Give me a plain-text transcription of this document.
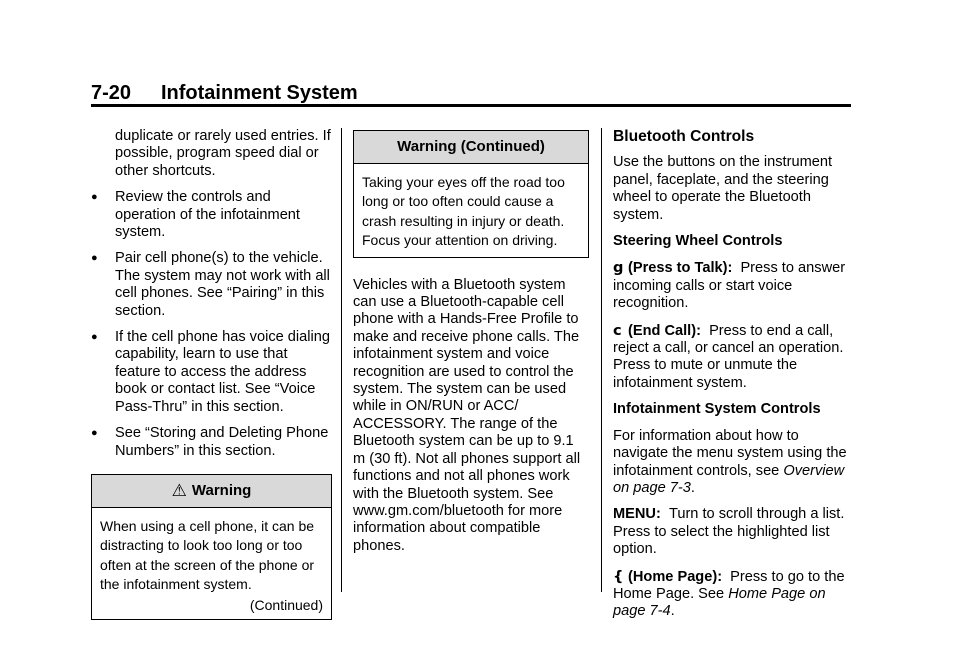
7-20 Infotainment System

duplicate or rarely used entries. If possible, program speed dial or other shortcuts.

● Review the controls and operation of the infotainment system.
● Pair cell phone(s) to the vehicle. The system may not work with all cell phones. See “Pairing” in this section.
● If the cell phone has voice dialing capability, learn to use that feature to access the address book or contact list. See “Voice Pass-Thru” in this section.
● See “Storing and Deleting Phone Numbers” in this section.
⚠ Warning
When using a cell phone, it can be distracting to look too long or too often at the screen of the phone or the infotainment system.
(Continued)
Warning (Continued)
Taking your eyes off the road too long or too often could cause a crash resulting in injury or death. Focus your attention on driving.

Vehicles with a Bluetooth system can use a Bluetooth-capable cell phone with a Hands-Free Profile to make and receive phone calls. The infotainment system and voice recognition are used to control the system. The system can be used while in ON/RUN or ACC/ ACCESSORY. The range of the Bluetooth system can be up to 9.1 m (30 ft). Not all phones support all functions and not all phones work with the Bluetooth system. See www.gm.com/bluetooth for more information about compatible phones.

Bluetooth Controls

Use the buttons on the instrument panel, faceplate, and the steering wheel to operate the Bluetooth system.

Steering Wheel Controls

g (Press to Talk): Press to answer incoming calls or start voice recognition.

c (End Call): Press to end a call, reject a call, or cancel an operation. Press to mute or unmute the infotainment system.

Infotainment System Controls

For information about how to navigate the menu system using the infotainment controls, see Overview on page 7-3.

MENU: Turn to scroll through a list. Press to select the highlighted list option.

{ (Home Page): Press to go to the Home Page. See Home Page on page 7-4.
